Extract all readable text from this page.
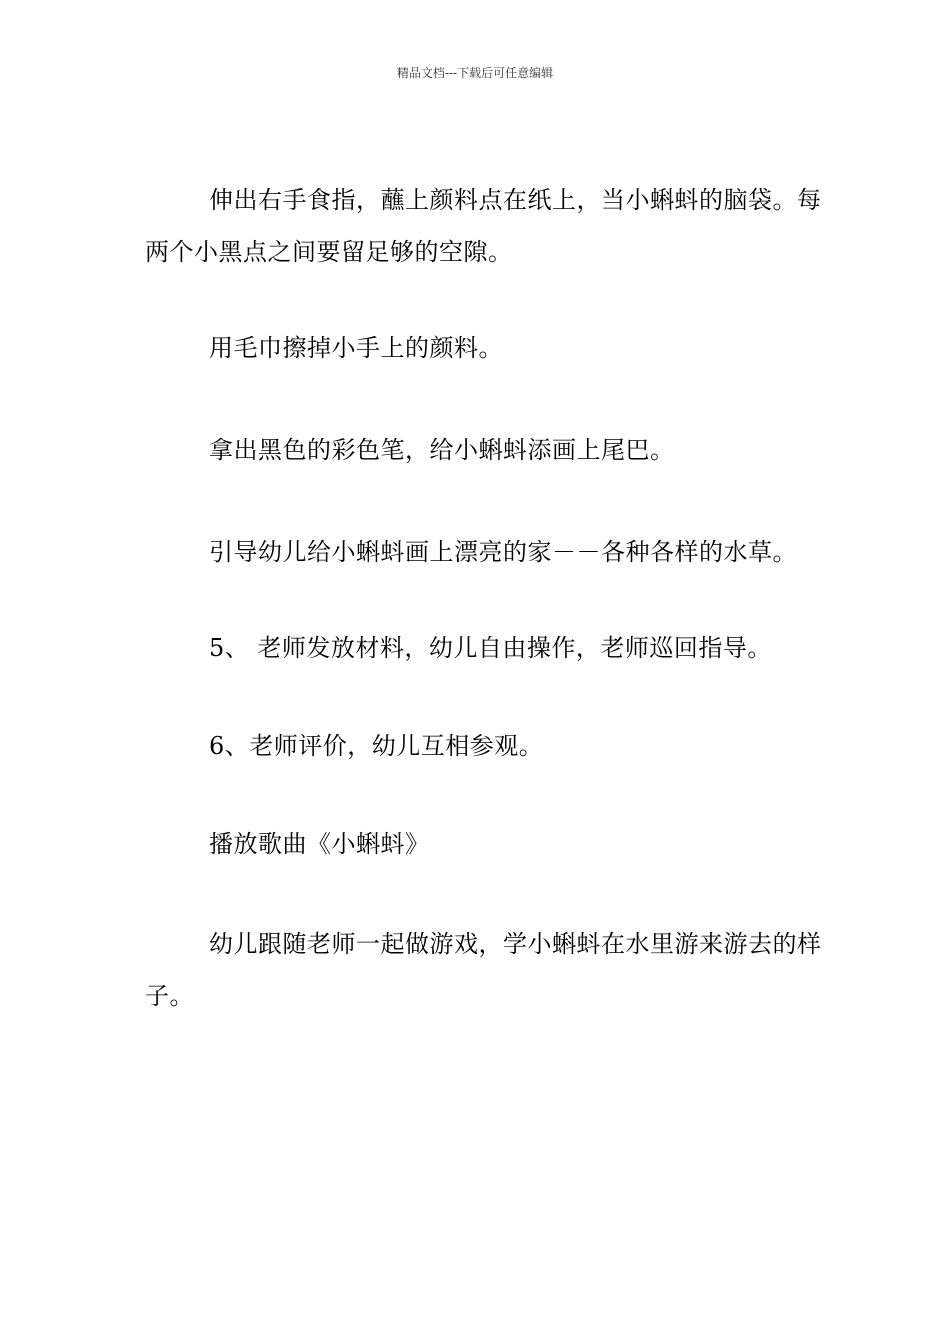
精品文档---下载后可任意编辑

伸出右手食指，蘸上颜料点在纸上，当小蝌蚪的脑袋。每两个小黑点之间要留足够的空隙。

用毛巾擦掉小手上的颜料。

拿出黑色的彩色笔，给小蝌蚪添画上尾巴。

引导幼儿给小蝌蚪画上漂亮的家－－各种各样的水草。

5、 老师发放材料，幼儿自由操作，老师巡回指导。

6、老师评价，幼儿互相参观。

播放歌曲《小蝌蚪》

幼儿跟随老师一起做游戏，学小蝌蚪在水里游来游去的样子。
